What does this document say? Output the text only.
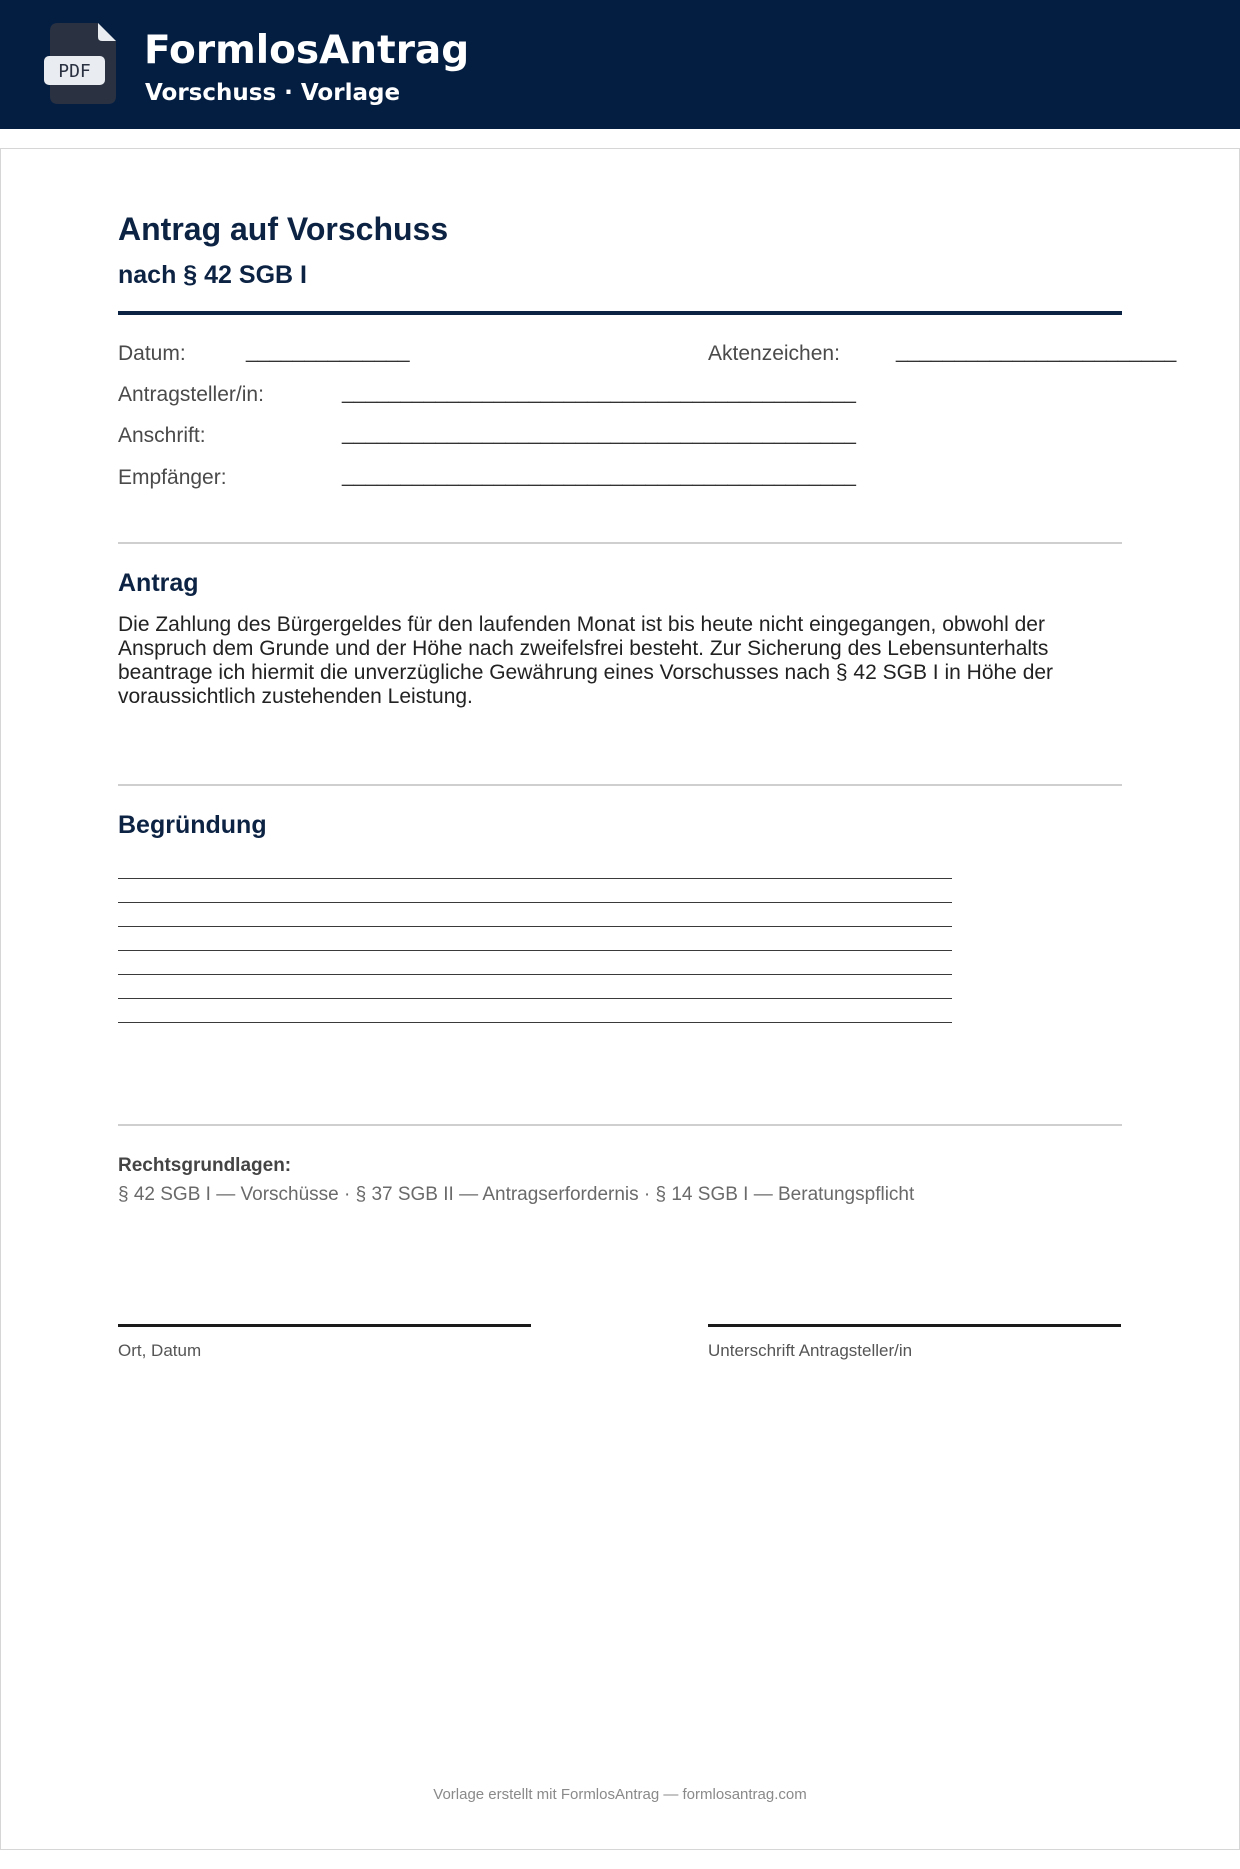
PDF FormlosAntrag
Vorschuss · Vorlage
Antrag auf Vorschuss
nach § 42 SGB I
Datum:	______________	Aktenzeichen:	________________________
Antragsteller/in:	____________________________________________
Anschrift:	____________________________________________
Empfänger:	____________________________________________
Antrag
Die Zahlung des Bürgergeldes für den laufenden Monat ist bis heute nicht eingegangen, obwohl der Anspruch dem Grunde und der Höhe nach zweifelsfrei besteht. Zur Sicherung des Lebensunterhalts beantrage ich hiermit die unverzügliche Gewährung eines Vorschusses nach § 42 SGB I in Höhe der voraussichtlich zustehenden Leistung.
Begründung
Rechtsgrundlagen:
§ 42 SGB I — Vorschüsse · § 37 SGB II — Antragserfordernis · § 14 SGB I — Beratungspflicht
Ort, Datum	Unterschrift Antragsteller/in
Vorlage erstellt mit FormlosAntrag — formlosantrag.com
